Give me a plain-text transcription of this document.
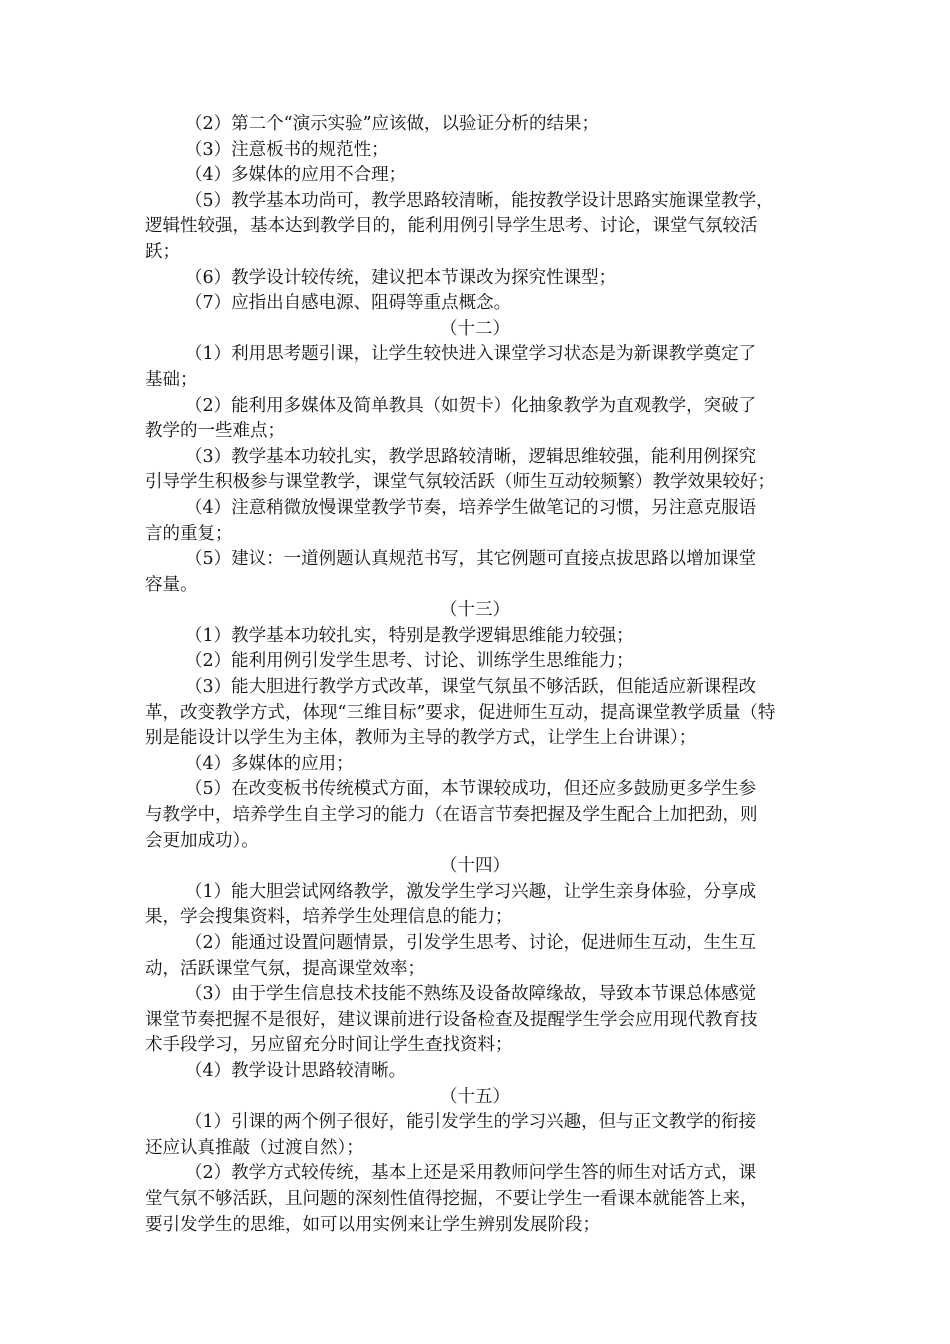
（2）第二个“演示实验”应该做，以验证分析的结果；
（3）注意板书的规范性；
（4）多媒体的应用不合理；
（5）教学基本功尚可，教学思路较清晰，能按教学设计思路实施课堂教学，
逻辑性较强，基本达到教学目的，能利用例引导学生思考、讨论，课堂气氛较活
跃；
（6）教学设计较传统，建议把本节课改为探究性课型；
（7）应指出自感电源、阻碍等重点概念。
（十二）
（1）利用思考题引课，让学生较快进入课堂学习状态是为新课教学奠定了
基础；
（2）能利用多媒体及简单教具（如贺卡）化抽象教学为直观教学，突破了
教学的一些难点；
（3）教学基本功较扎实，教学思路较清晰，逻辑思维较强，能利用例探究
引导学生积极参与课堂教学，课堂气氛较活跃（师生互动较频繁）教学效果较好；
（4）注意稍微放慢课堂教学节奏，培养学生做笔记的习惯，另注意克服语
言的重复；
（5）建议：一道例题认真规范书写，其它例题可直接点拔思路以增加课堂
容量。
（十三）
（1）教学基本功较扎实，特别是教学逻辑思维能力较强；
（2）能利用例引发学生思考、讨论、训练学生思维能力；
（3）能大胆进行教学方式改革，课堂气氛虽不够活跃，但能适应新课程改
革，改变教学方式，体现“三维目标”要求，促进师生互动，提高课堂教学质量（特
别是能设计以学生为主体，教师为主导的教学方式，让学生上台讲课）；
（4）多媒体的应用；
（5）在改变板书传统模式方面，本节课较成功，但还应多鼓励更多学生参
与教学中，培养学生自主学习的能力（在语言节奏把握及学生配合上加把劲，则
会更加成功）。
（十四）
（1）能大胆尝试网络教学，激发学生学习兴趣，让学生亲身体验，分享成
果，学会搜集资料，培养学生处理信息的能力；
（2）能通过设置问题情景，引发学生思考、讨论，促进师生互动，生生互
动，活跃课堂气氛，提高课堂效率；
（3）由于学生信息技术技能不熟练及设备故障缘故，导致本节课总体感觉
课堂节奏把握不是很好，建议课前进行设备检查及提醒学生学会应用现代教育技
术手段学习，另应留充分时间让学生查找资料；
（4）教学设计思路较清晰。
（十五）
（1）引课的两个例子很好，能引发学生的学习兴趣，但与正文教学的衔接
还应认真推敲（过渡自然）；
（2）教学方式较传统，基本上还是采用教师问学生答的师生对话方式，课
堂气氛不够活跃，且问题的深刻性值得挖掘，不要让学生一看课本就能答上来，
要引发学生的思维，如可以用实例来让学生辨别发展阶段；
